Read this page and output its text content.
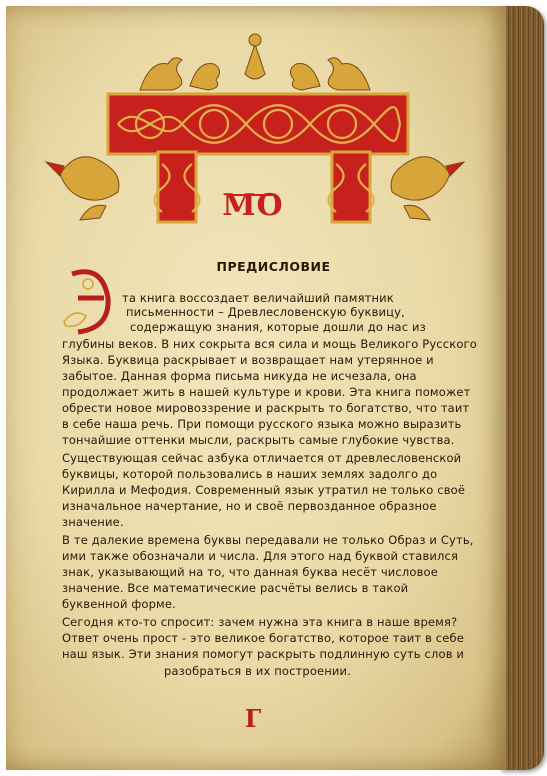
МО
ПРЕДИСЛОВИЕ
Э
та книга воссоздает величайший памятник
письменности – Древлесловенскую буквицу,
содержащую знания, которые дошли до нас из
глубины веков. В них сокрыта вся сила и мощь Великого Русского
Языка. Буквица раскрывает и возвращает нам утерянное и
забытое. Данная форма письма никуда не исчезала, она
продолжает жить в нашей культуре и крови. Эта книга поможет
обрести новое мировоззрение и раскрыть то богатство, что таит
в себе наша речь. При помощи русского языка можно выразить
тончайшие оттенки мысли, раскрыть самые глубокие чувства.
Существующая сейчас азбука отличается от древлесловенской
буквицы, которой пользовались в наших землях задолго до
Кирилла и Мефодия. Современный язык утратил не только своё
изначальное начертание, но и своё первозданное образное
значение.
В те далекие времена буквы передавали не только Образ и Суть,
ими также обозначали и числа. Для этого над буквой ставился
знак, указывающий на то, что данная буква несёт числовое
значение. Все математические расчёты велись в такой
буквенной форме.
Сегодня кто-то спросит: зачем нужна эта книга в наше время?
Ответ очень прост - это великое богатство, которое таит в себе
наш язык. Эти знания помогут раскрыть подлинную суть слов и
разобраться в их построении.
Г
